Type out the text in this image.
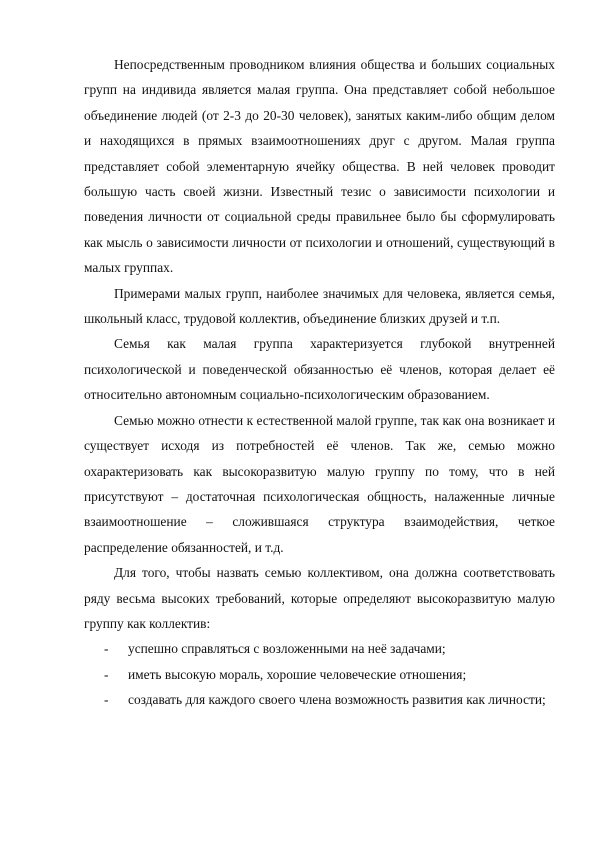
Непосредственным проводником влияния общества и больших социальных групп на индивида является малая группа. Она представляет собой небольшое объединение людей (от 2-3 до 20-30 человек), занятых каким-либо общим делом и находящихся в прямых взаимоотношениях друг с другом. Малая группа представляет собой элементарную ячейку общества. В ней человек проводит большую часть своей жизни. Известный тезис о зависимости психологии и поведения личности от социальной среды правильнее было бы сформулировать как мысль о зависимости личности от психологии и отношений, существующий в малых группах.

Примерами малых групп, наиболее значимых для человека, является семья, школьный класс, трудовой коллектив, объединение близких друзей и т.п.

Семья как малая группа характеризуется глубокой внутренней психологической и поведенческой обязанностью её членов, которая делает её относительно автономным социально-психологическим образованием.

Семью можно отнести к естественной малой группе, так как она возникает и существует исходя из потребностей её членов. Так же, семью можно охарактеризовать как высокоразвитую малую группу по тому, что в ней присутствуют – достаточная психологическая общность, налаженные личные взаимоотношение – сложившаяся структура взаимодействия, четкое распределение обязанностей, и т.д.

Для того, чтобы назвать семью коллективом, она должна соответствовать ряду весьма высоких требований, которые определяют высокоразвитую малую группу как коллектив:

- успешно справляться с возложенными на неё задачами;
- иметь высокую мораль, хорошие человеческие отношения;
- создавать для каждого своего члена возможность развития как личности;
